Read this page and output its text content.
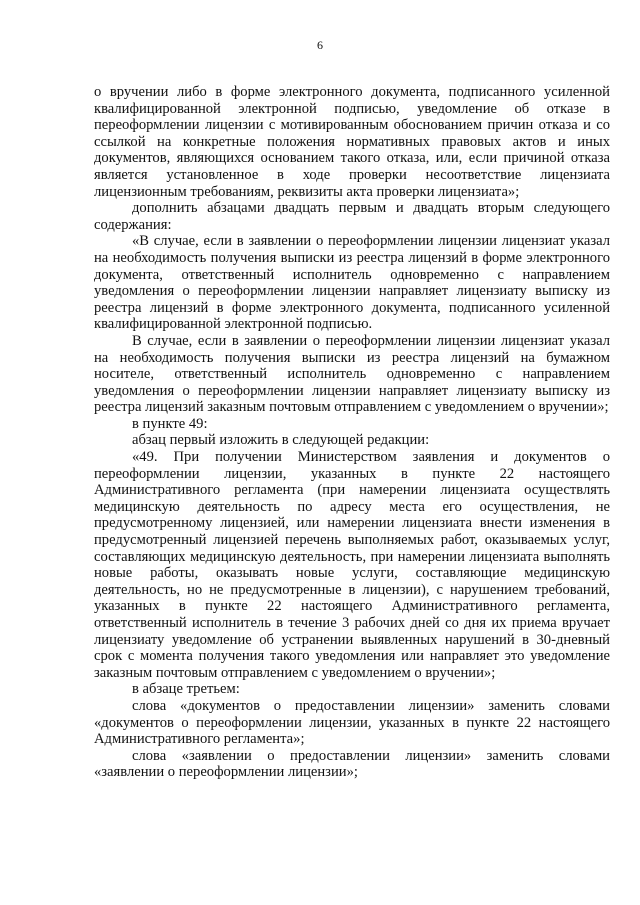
6

о вручении либо в форме электронного документа, подписанного усиленной квалифицированной электронной подписью, уведомление об отказе в переоформлении лицензии с мотивированным обоснованием причин отказа и со ссылкой на конкретные положения нормативных правовых актов и иных документов, являющихся основанием такого отказа, или, если причиной отказа является установленное в ходе проверки несоответствие лицензиата лицензионным требованиям, реквизиты акта проверки лицензиата»;

дополнить абзацами двадцать первым и двадцать вторым следующего содержания:

«В случае, если в заявлении о переоформлении лицензии лицензиат указал на необходимость получения выписки из реестра лицензий в форме электронного документа, ответственный исполнитель одновременно с направлением уведомления о переоформлении лицензии направляет лицензиату выписку из реестра лицензий в форме электронного документа, подписанного усиленной квалифицированной электронной подписью.

В случае, если в заявлении о переоформлении лицензии лицензиат указал на необходимость получения выписки из реестра лицензий на бумажном носителе, ответственный исполнитель одновременно с направлением уведомления о переоформлении лицензии направляет лицензиату выписку из реестра лицензий заказным почтовым отправлением с уведомлением о вручении»;

в пункте 49:

абзац первый изложить в следующей редакции:

«49. При получении Министерством заявления и документов о переоформлении лицензии, указанных в пункте 22 настоящего Административного регламента (при намерении лицензиата осуществлять медицинскую деятельность по адресу места его осуществления, не предусмотренному лицензией, или намерении лицензиата внести изменения в предусмотренный лицензией перечень выполняемых работ, оказываемых услуг, составляющих медицинскую деятельность, при намерении лицензиата выполнять новые работы, оказывать новые услуги, составляющие медицинскую деятельность, но не предусмотренные в лицензии), с нарушением требований, указанных в пункте 22 настоящего Административного регламента, ответственный исполнитель в течение 3 рабочих дней со дня их приема вручает лицензиату уведомление об устранении выявленных нарушений в 30-дневный срок с момента получения такого уведомления или направляет это уведомление заказным почтовым отправлением с уведомлением о вручении»;

в абзаце третьем:

слова «документов о предоставлении лицензии» заменить словами «документов о переоформлении лицензии, указанных в пункте 22 настоящего Административного регламента»;

слова «заявлении о предоставлении лицензии» заменить словами «заявлении о переоформлении лицензии»;
